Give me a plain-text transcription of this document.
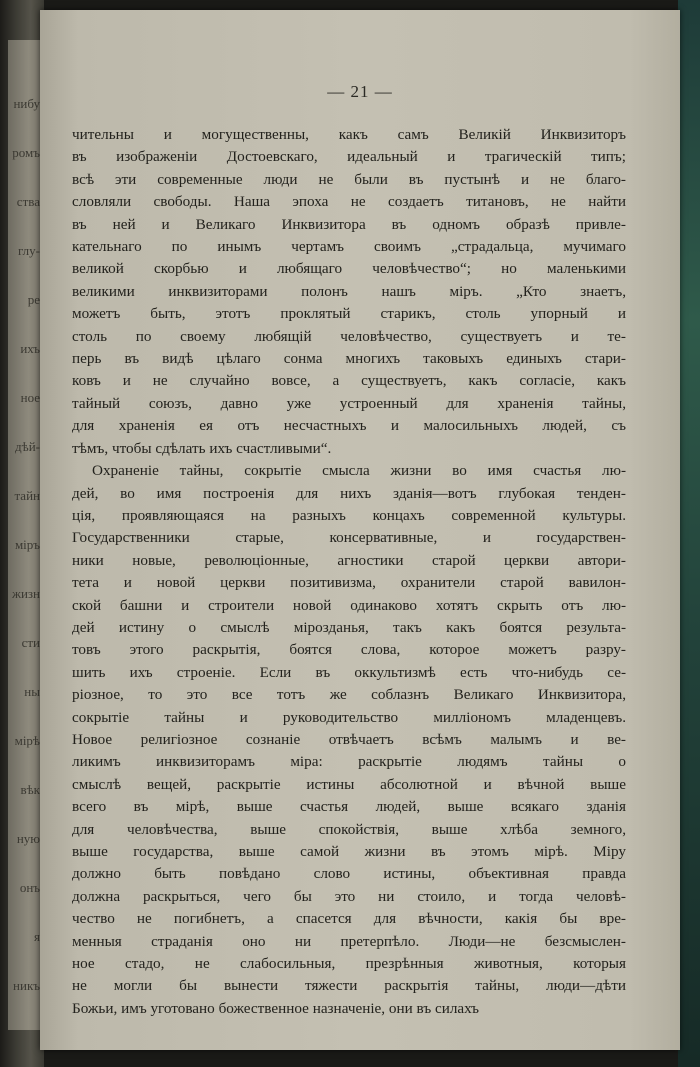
нибу
ромъ
ства
глу-
ре
ихъ
ное
дѣй-
тайн
мiръ
жизн
сти
ны
мiрѣ
вѣк
ную
онъ
я
никъ
— 21 —
чительны и могущественны, какъ самъ Великiй Инквизиторъ
въ изображенiи Достоевскаго, идеальный и трагическiй типъ;
всѣ эти современные люди не были въ пустынѣ и не благо-
словляли свободы. Наша эпоха не создаетъ титановъ, не найти
въ ней и Великаго Инквизитора въ одномъ образѣ привле-
кательнаго по инымъ чертамъ своимъ „страдальца, мучимаго
великой скорбью и любящаго человѣчество“; но маленькими
великими инквизиторами полонъ нашъ мiръ. „Кто знаетъ,
можетъ быть, этотъ проклятый старикъ, столь упорный и
столь по своему любящiй человѣчество, существуетъ и те-
перь въ видѣ цѣлаго сонма многихъ таковыхъ единыхъ стари-
ковъ и не случайно вовсе, а существуетъ, какъ согласie, какъ
тайный союзъ, давно уже устроенный для храненiя тайны,
для храненiя ея отъ несчастныхъ и малосильныхъ людей, съ
тѣмъ, чтобы сдѣлать ихъ счастливыми“.
Охраненiе тайны, сокрытiе смысла жизни во имя счастья лю-
дей, во имя построенiя для нихъ зданiя—вотъ глубокая тенден-
цiя, проявляющаяся на разныхъ концахъ современной культуры.
Государственники старые, консервативные, и государствен-
ники новые, революцiонные, агностики старой церкви автори-
тета и новой церкви позитивизма, охранители старой вавилон-
ской башни и строители новой одинаково хотятъ скрыть отъ лю-
дей истину о смыслѣ мiрозданья, такъ какъ боятся результа-
товъ этого раскрытiя, боятся слова, которое можетъ разру-
шить ихъ строенiе. Если въ оккультизмѣ есть что-нибудь се-
рiозное, то это все тотъ же соблазнъ Великаго Инквизитора,
сокрытiе тайны и руководительство миллiономъ младенцевъ.
Новое религiозное сознанiе отвѣчаетъ всѣмъ малымъ и ве-
ликимъ инквизиторамъ мiра: раскрытiе людямъ тайны о
смыслѣ вещей, раскрытiе истины абсолютной и вѣчной выше
всего въ мiрѣ, выше счастья людей, выше всякаго зданiя
для человѣчества, выше спокойствiя, выше хлѣба земного,
выше государства, выше самой жизни въ этомъ мiрѣ. Мiру
должно быть повѣдано слово истины, объективная правда
должна раскрыться, чего бы это ни стоило, и тогда человѣ-
чество не погибнетъ, а спасется для вѣчности, какiя бы вре-
менныя страданiя оно ни претерпѣло. Люди—не безсмыслен-
ное стадо, не слабосильныя, презрѣнныя животныя, которыя
не могли бы вынести тяжести раскрытiя тайны, люди—дѣти
Божьи, имъ уготовано божественное назначенiе, они въ силахъ
